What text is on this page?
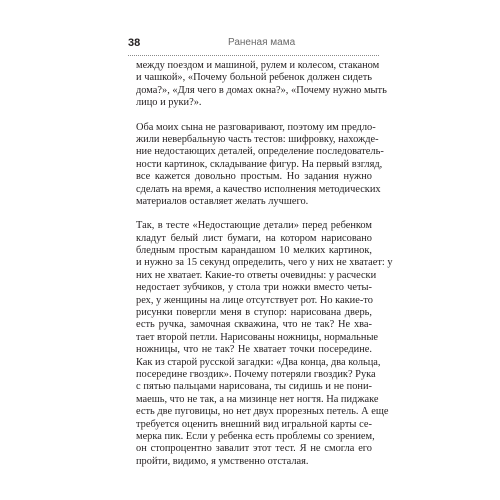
38	Раненая мама
между поездом и машиной, рулем и колесом, стаканом
и чашкой», «Почему больной ребенок должен сидеть
дома?», «Для чего в домах окна?», «Почему нужно мыть
лицо и руки?».
Оба моих сына не разговаривают, поэтому им предло-
жили невербальную часть тестов: шифровку, нахожде-
ние недостающих деталей, определение последователь-
ности картинок, складывание фигур. На первый взгляд,
все кажется довольно простым. Но задания нужно
сделать на время, а качество исполнения методических
материалов оставляет желать лучшего.
Так, в тесте «Недостающие детали» перед ребенком
кладут белый лист бумаги, на котором нарисовано
бледным простым карандашом 10 мелких картинок,
и нужно за 15 секунд определить, чего у них не хватает: у
них не хватает. Какие-то ответы очевидны: у расчески
недостает зубчиков, у стола три ножки вместо четы-
рех, у женщины на лице отсутствует рот. Но какие-то
рисунки повергли меня в ступор: нарисована дверь,
есть ручка, замочная скважина, что не так? Не хва-
тает второй петли. Нарисованы ножницы, нормальные
ножницы, что не так? Не хватает точки посередине.
Как из старой русской загадки: «Два конца, два кольца,
посередине гвоздик». Почему потеряли гвоздик? Рука
с пятью пальцами нарисована, ты сидишь и не пони-
маешь, что не так, а на мизинце нет ногтя. На пиджаке
есть две пуговицы, но нет двух прорезных петель. А еще
требуется оценить внешний вид игральной карты се-
мерка пик. Если у ребенка есть проблемы со зрением,
он стопроцентно завалит этот тест. Я не смогла его
пройти, видимо, я умственно отсталая.
